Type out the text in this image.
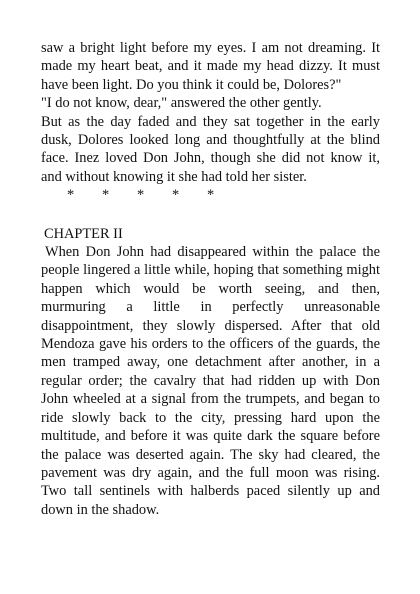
saw a bright light before my eyes. I am not dreaming. It made my heart beat, and it made my head dizzy. It must have been light. Do you think it could be, Dolores?"

"I do not know, dear," answered the other gently.

But as the day faded and they sat together in the early dusk, Dolores looked long and thoughtfully at the blind face. Inez loved Don John, though she did not know it, and without knowing it she had told her sister.

*	*	*	*	*

CHAPTER II

When Don John had disappeared within the palace the people lingered a little while, hoping that something might happen which would be worth seeing, and then, murmuring a little in perfectly unreasonable disappointment, they slowly dispersed. After that old Mendoza gave his orders to the officers of the guards, the men tramped away, one detachment after another, in a regular order; the cavalry that had ridden up with Don John wheeled at a signal from the trumpets, and began to ride slowly back to the city, pressing hard upon the multitude, and before it was quite dark the square before the palace was deserted again. The sky had cleared, the pavement was dry again, and the full moon was rising. Two tall sentinels with halberds paced silently up and down in the shadow.
